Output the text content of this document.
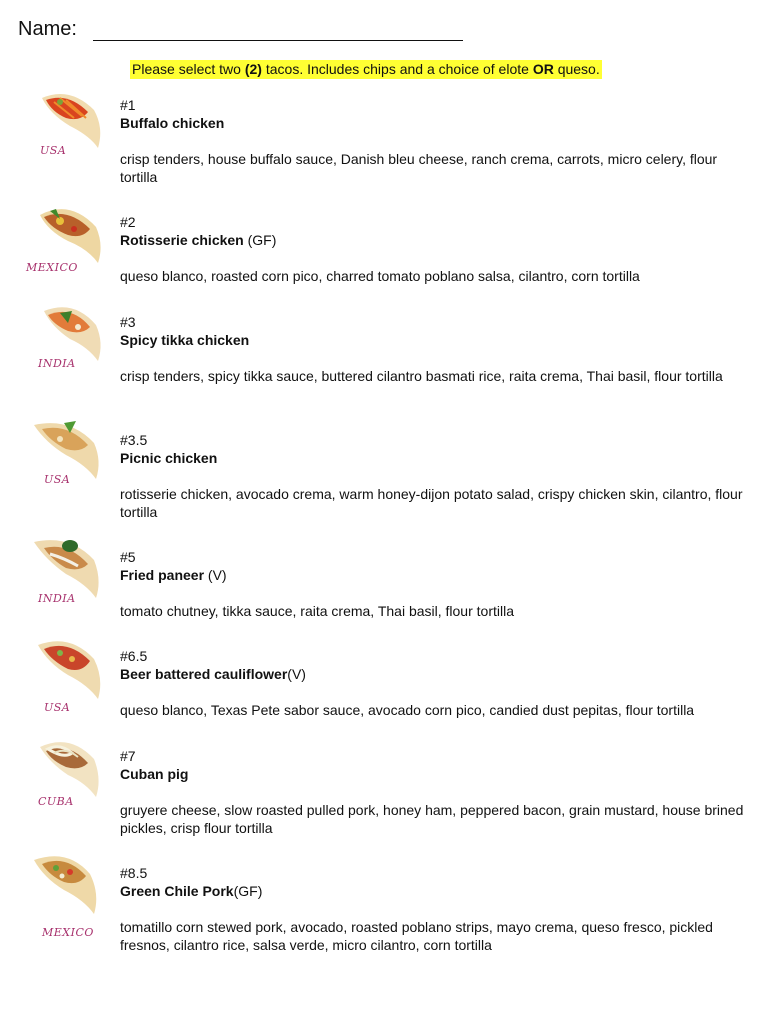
Name:
Please select two (2) tacos. Includes chips and a choice of elote OR queso.
USA
#1
Buffalo chicken
crisp tenders, house buffalo sauce, Danish bleu cheese, ranch crema, carrots, micro celery, flour tortilla
MEXICO
#2
Rotisserie chicken (GF)
queso blanco, roasted corn pico, charred tomato poblano salsa, cilantro, corn tortilla
INDIA
#3
Spicy tikka chicken
crisp tenders, spicy tikka sauce, buttered cilantro basmati rice, raita crema, Thai basil, flour tortilla
USA
#3.5
Picnic chicken
rotisserie chicken, avocado crema, warm honey-dijon potato salad, crispy chicken skin, cilantro, flour tortilla
INDIA
#5
Fried paneer (V)
tomato chutney, tikka sauce, raita crema, Thai basil, flour tortilla
USA
#6.5
Beer battered cauliflower(V)
queso blanco, Texas Pete sabor sauce, avocado corn pico, candied dust pepitas, flour tortilla
CUBA
#7
Cuban pig
gruyere cheese, slow roasted pulled pork, honey ham, peppered bacon, grain mustard, house brined pickles, crisp flour tortilla
MEXICO
#8.5
Green Chile Pork(GF)
tomatillo corn stewed pork, avocado, roasted poblano strips, mayo crema, queso fresco, pickled fresnos, cilantro rice, salsa verde, micro cilantro, corn tortilla
